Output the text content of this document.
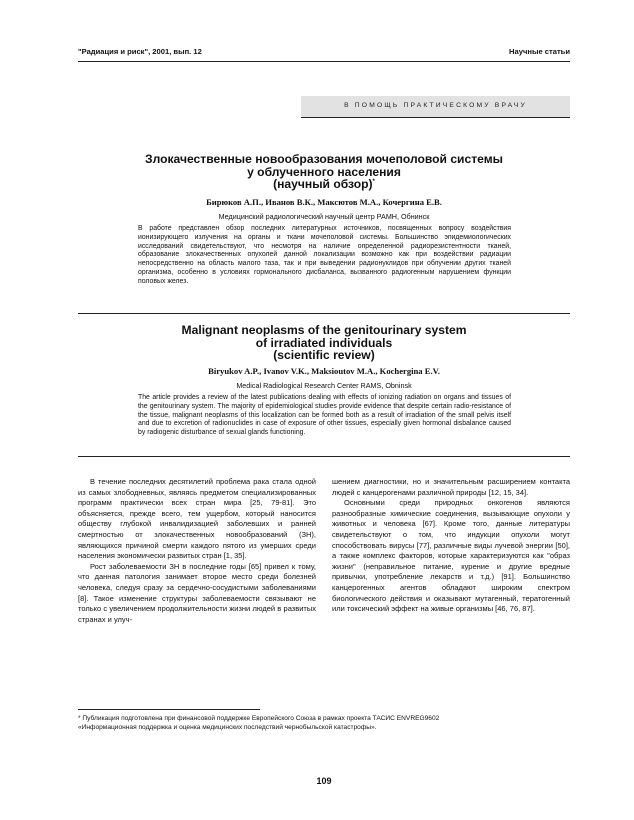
"Радиация и риск", 2001, вып. 12	Научные статьи
В ПОМОЩЬ ПРАКТИЧЕСКОМУ ВРАЧУ
Злокачественные новообразования мочеполовой системы
у облученного населения
(научный обзор)*
Бирюков А.П., Иванов В.К., Максютов М.А., Кочергина Е.В.
Медицинский радиологический научный центр РАМН, Обнинск

В работе представлен обзор последних литературных источников, посвященных вопросу воздействия ионизирующего излучения на органы и ткани мочеполовой системы. Большинство эпидемиологических исследований свидетельствуют, что несмотря на наличие определенной радиорезистентности тканей, образование злокачественных опухолей данной локализации возможно как при воздействии радиации непосредственно на область малого таза, так и при выведении радионуклидов при облучении других тканей организма, особенно в условиях гормонального дисбаланса, вызванного радиогенным нарушением функции половых желез.

Malignant neoplasms of the genitourinary system
of irradiated individuals
(scientific review)
Biryukov A.P., Ivanov V.K., Maksioutov M.A., Kochergina E.V.
Medical Radiological Research Center RAMS, Obninsk

The article provides a review of the latest publications dealing with effects of ionizing radiation on organs and tissues of the genitourinary system. The majority of epidemiological studies provide evidence that despite certain radio-resistance of the tissue, malignant neoplasms of this localization can be formed both as a result of irradiation of the small pelvis itself and due to excretion of radionuclides in case of exposure of other tissues, especially given hormonal disbalance caused by radiogenic disturbance of sexual glands functioning.

В течение последних десятилетий проблема рака стала одной из самых злободневных, являясь предметом специализированных программ практически всех стран мира [25, 79-81]. Это объясняется, прежде всего, тем ущербом, который наносится обществу глубокой инвалидизацией заболевших и ранней смертностью от злокачественных новообразований (ЗН), являющихся причиной смерти каждого пятого из умерших среди населения экономически развитых стран [1, 35].

Рост заболеваемости ЗН в последние годы [65] привел к тому, что данная патология занимает второе место среди болезней человека, следуя сразу за сердечно-сосудистыми заболеваниями [8]. Такое изменение структуры заболеваемости связывают не только с увеличением продолжительности жизни людей в развитых странах и улуч-

шением диагностики, но и значительным расширением контакта людей с канцерогенами различной природы [12, 15, 34].

Основными среди природных онкогенов являются разнообразные химические соединения, вызывающие опухоли у животных и человека [67]. Кроме того, данные литературы свидетельствуют о том, что индукции опухоли могут способствовать вирусы [77], различные виды лучевой энергии [50], а также комплекс факторов, которые характеризуются как "образ жизни" (неправильное питание, курение и другие вредные привычки, употребление лекарств и т.д.) [91]. Большинство канцерогенных агентов обладают широким спектром биологического действия и оказывают мутагенный, тератогенный или токсический эффект на живые организмы [46, 76, 87].

* Публикация подготовлена при финансовой поддержке Европейского Союза в рамках проекта ТАСИС ENVREG9602
«Информационная поддержка и оценка медицинских последствий чернобыльской катастрофы».
109
